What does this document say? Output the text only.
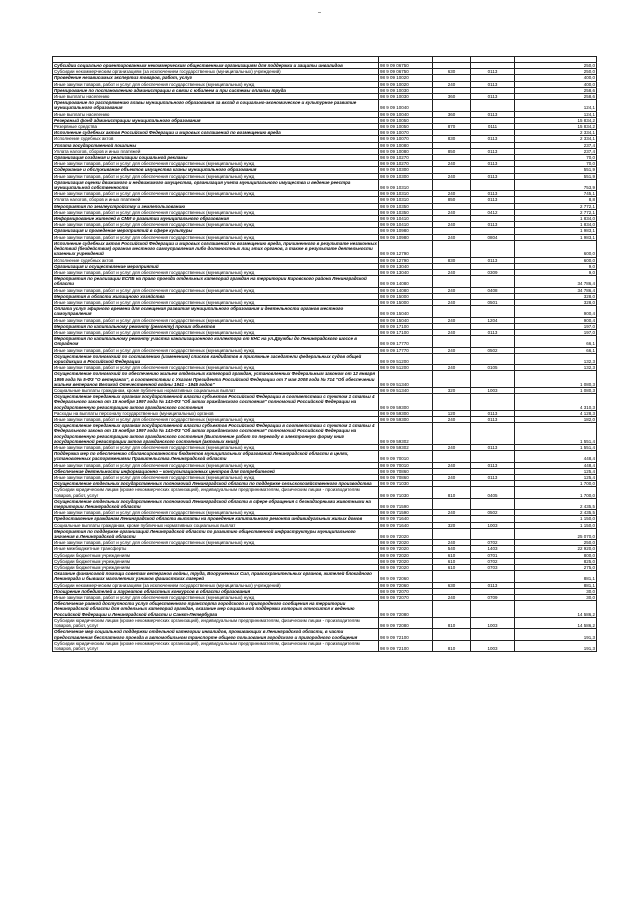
Субсидии социально ориентированным некоммерческим общественным организациям для поддержки и защиты инвалидов	98 9 09 06750			250,0
Субсидии некоммерческим организациям (за исключением государственных (муниципальных) учреждений)	98 9 09 06750	630	0113	250,0
Проведение независимых экспертиз товаров, работ, услуг	98 9 09 10020			400,0
Иные закупки товаров, работ и услуг для обеспечения государственных (муниципальных) нужд	98 9 09 10020	240	0113	400,0
Премирование по постановлению администрации в связи с юбилеем и при системы оплаты труда	98 9 09 10030			258,6
Иные выплаты населению	98 9 09 10030	360	0113	258,6
Премирование по распоряжению главы муниципального образования за вклад в социально-экономическое и культурное развитие муниципального образования	98 9 09 10040			124,1
Иные выплаты населению	98 9 09 10040	360	0113	124,1
Резервный фонд администрации муниципального образования	98 9 09 10050			15 834,2
Резервные средства	98 9 09 10050	870	0111	15 834,2
Исполнение судебных актов Российской Федерации и мировых соглашений по возмещению вреда	98 9 09 10070			2 334,1
Исполнение судебных актов	98 9 09 10070	830	0113	2 334,1
Уплата государственной пошлины	98 9 09 10080			237,4
Уплата налогов, сборов и иных платежей	98 9 09 10080	850	0113	237,4
Организация создания и реализации социальной рекламы	98 9 09 10270			70,0
Иные закупки товаров, работ и услуг для обеспечения государственных (муниципальных) нужд	98 9 09 10270	240	0113	70,0
Содержание и обслуживание объектов имущества казны муниципального образования	98 9 09 10300			551,9
Иные закупки товаров, работ и услуг для обеспечения государственных (муниципальных) нужд	98 9 09 10300	240	0113	551,9
Организация оценки движимого и недвижимого имущества, организация учета муниципального имущества и ведение реестра муниципальной собственности	98 9 09 10310			753,9
Иные закупки товаров, работ и услуг для обеспечения государственных (муниципальных) нужд	98 9 09 10310	240	0113	745,1
Уплата налогов, сборов и иных платежей	98 9 09 10310	850	0113	8,8
Мероприятия по землеустройству и землепользованию	98 9 09 10350			2 772,1
Иные закупки товаров, работ и услуг для обеспечения государственных (муниципальных) нужд	98 9 09 10350	240	0412	2 772,1
Информирование жителей в СМИ о развитии муниципального образования	98 9 09 10410			1 834,0
Иные закупки товаров, работ и услуг для обеспечения государственных (муниципальных) нужд	98 9 09 10410	240	0113	1 834,0
Организация и проведение мероприятий в сфере культуры	98 9 09 10980			1 983,1
Иные закупки товаров, работ и услуг для обеспечения государственных (муниципальных) нужд	98 9 09 10980	240	0804	1 983,1
Исполнение судебных актов Российской Федерации и мировых соглашений по возмещению вреда, причиненного в результате незаконных действий (бездействия) органов местного самоуправления либо должностных лиц этих органов, а также в результате деятельности казенных учреждений	98 9 09 12790			600,0
Исполнение судебных актов	98 9 09 12790	830	0113	600,0
Организация и осуществление мероприятий	98 9 09 13040			9,0
Иные закупки товаров, работ и услуг для обеспечения государственных (муниципальных) нужд	98 9 09 13040	240	0309	9,0
Мероприятия по реализации ЕСПБ на право проезда отдельных категорий граждан на территории Кировского района Ленинградской области	98 9 09 14080			34 786,4
Иные закупки товаров, работ и услуг для обеспечения государственных (муниципальных) нужд	98 9 09 14080	240	0408	34 786,4
Мероприятия в области жилищного хозяйства	98 9 09 15000			328,0
Иные закупки товаров, работ и услуг для обеспечения государственных (муниципальных) нужд	98 9 09 15000	240	0501	328,0
Оплата услуг эфирного времени для освещения развития муниципального образования и деятельности органов местного самоуправления	98 9 09 15040			900,4
Иные закупки товаров, работ и услуг для обеспечения государственных (муниципальных) нужд	98 9 09 15040	240	1204	900,4
Мероприятия по капитальному ремонту (ремонту) прочих объектов	98 9 09 17100			197,0
Иные закупки товаров, работ и услуг для обеспечения государственных (муниципальных) нужд	98 9 09 17100	240	0113	197,0
Мероприятия по капитальному ремонту участка канализационного коллектора от КНС на ул.Дружбы до Ленинградского шоссе в Отрадном	98 9 09 17770			66,1
Иные закупки товаров, работ и услуг для обеспечения государственных (муниципальных) нужд	98 9 09 17770	240	0502	66,1
Осуществление полномочий по составлению (изменению) списков кандидатов в присяжные заседатели федеральных судов общей юрисдикции в Российской Федерации	98 9 09 51200			132,3
Иные закупки товаров, работ и услуг для обеспечения государственных (муниципальных) нужд	98 9 09 51200	240	0105	132,3
Осуществление полномочий по обеспечению жильем отдельных категорий граждан, установленных Федеральным законом от 12 января 1995 года № 5-ФЗ "О ветеранах", в соответствии с Указом Президента Российской Федерации от 7 мая 2008 года № 714 "Об обеспечении жильем ветеранов Великой Отечественной войны 1941 - 1945 годов"	98 9 09 51340			1 080,3
Социальные выплаты гражданам, кроме публичных нормативных социальных выплат	98 9 09 51340	320	1003	1 080,3
Осуществление переданных органам государственной власти субъектов Российской Федерации в соответствии с пунктом 1 статьи 4 Федерального закона от 15 ноября 1997 года № 143-ФЗ "Об актах гражданского состояния" полномочий Российской Федерации на государственную регистрацию актов гражданского состояния	98 9 09 59300			4 310,3
Расходы на выплаты персоналу государственных (муниципальных) органов	98 9 09 59300	120	0113	4 128,3
Иные закупки товаров, работ и услуг для обеспечения государственных (муниципальных) нужд	98 9 09 59300	240	0113	182,0
Осуществление переданных органам государственной власти субъектов Российской Федерации в соответствии с пунктом 1 статьи 4 Федерального закона от 15 ноября 1997 года № 143-ФЗ "Об актах гражданского состояния" полномочий Российской Федерации на государственную регистрацию актов гражданского состояния (Выполнение работ по переводу в электронную форму книг государственной регистрации актов гражданского состояния (актовых книг))	98 9 09 59302			1 551,4
Иные закупки товаров, работ и услуг для обеспечения государственных (муниципальных) нужд	98 9 09 59302	240	0113	1 551,4
Поддержка мер по обеспечению сбалансированности бюджетов муниципальных образований Ленинградской области в целях, установленных распоряжениями Правительства Ленинградской области	98 9 09 70010			448,4
Иные закупки товаров, работ и услуг для обеспечения государственных (муниципальных) нужд	98 9 09 70010	240	0113	448,4
Обеспечение деятельности информационно – консультационных центров для потребителей	98 9 09 70860			125,4
Иные закупки товаров, работ и услуг для обеспечения государственных (муниципальных) нужд	98 9 09 70860	240	0113	125,4
Осуществление отдельных государственных полномочий Ленинградской области по поддержке сельскохозяйственного производства	98 9 09 71030			1 700,0
Субсидии юридическим лицам (кроме некоммерческих организаций), индивидуальным предпринимателям, физическим лицам - производителям товаров, работ, услуг	98 9 09 71030	810	0405	1 700,0
Осуществление отдельных государственных полномочий Ленинградской области в сфере обращения с безнадзорными животными на территории Ленинградской области	98 9 09 71590			2 435,5
Иные закупки товаров, работ и услуг для обеспечения государственных (муниципальных) нужд	98 9 09 71590	240	0502	2 435,5
Предоставление гражданам Ленинградской области выплаты на проведение капитального ремонта индивидуальных жилых домов	98 9 09 71640			1 150,0
Социальные выплаты гражданам, кроме публичных нормативных социальных выплат	98 9 09 71640	320	1003	1 150,0
Мероприятия по поддержке организаций Ленинградской области по развитию общественной инфраструктуры муниципального значения в Ленинградской области	98 9 09 72020			25 070,0
Иные закупки товаров, работ и услуг для обеспечения государственных (муниципальных) нужд	98 9 09 72020	240	0702	250,0
Иные межбюджетные трансферты	98 9 09 72020	540	1403	22 920,0
Субсидии бюджетным учреждениям	98 9 09 72020	610	0701	800,0
Субсидии бюджетным учреждениям	98 9 09 72020	610	0702	825,0
Субсидии бюджетным учреждениям	98 9 09 72020	610	0703	275,0
Оказание финансовой помощи советам ветеранов войны, труда, Вооруженных Сил, правоохранительных органов, жителей блокадного Ленинграда и бывших малолетних узников фашистских лагерей	98 9 09 72060			881,1
Субсидии некоммерческим организациям (за исключением государственных (муниципальных) учреждений)	98 9 09 72060	630	0113	881,1
Поощрение победителей и лауреатов областных конкурсов в области образования	98 9 09 72070			30,0
Иные закупки товаров, работ и услуг для обеспечения государственных (муниципальных) нужд	98 9 09 72070	240	0709	30,0
Обеспечение равной доступности услуг общественного транспорта городского и пригородного сообщения на территории Ленинградской области для отдельных категорий граждан, оказание мер социальной поддержки которых относится к ведению Российской Федерации и Ленинградской области и Санкт-Петербурга	98 9 09 72080			14 586,2
Субсидии юридическим лицам (кроме некоммерческих организаций), индивидуальным предпринимателям, физическим лицам - производителям товаров, работ, услуг	98 9 09 72080	810	1003	14 586,2
Обеспечение мер социальной поддержки отдельной категории инвалидов, проживающих в Ленинградской области, в части предоставления бесплатного проезда в автомобильном транспорте общего пользования городского и пригородного сообщения	98 9 09 72100			191,3
Субсидии юридическим лицам (кроме некоммерческих организаций), индивидуальным предпринимателям, физическим лицам - производителям товаров, работ, услуг	98 9 09 72100	810	1003	191,3
